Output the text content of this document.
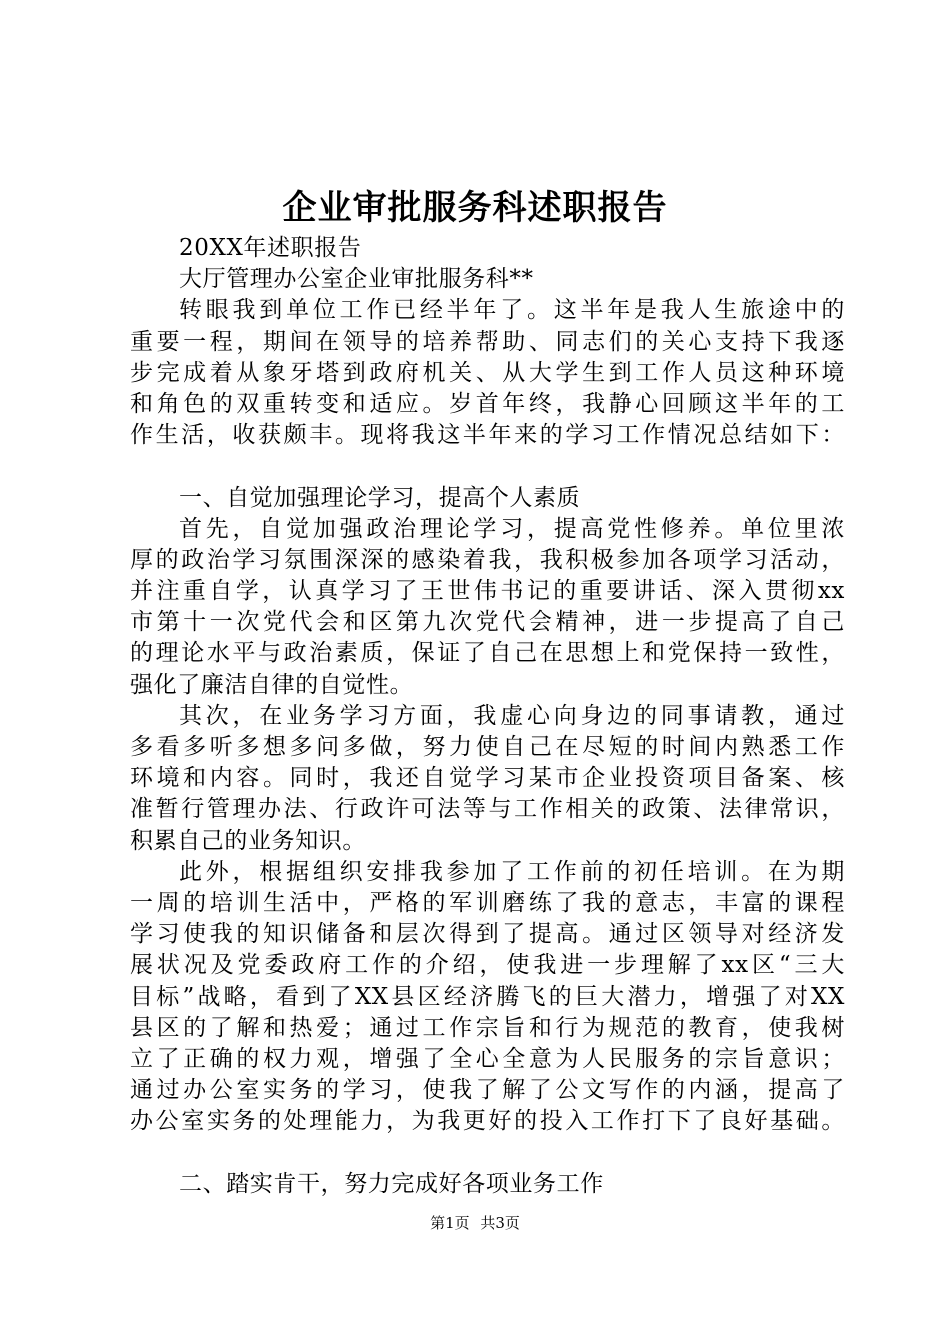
企业审批服务科述职报告
20XX年述职报告
大厅管理办公室企业审批服务科**
转眼我到单位工作已经半年了。这半年是我人生旅途中的
重要一程，期间在领导的培养帮助、同志们的关心支持下我逐
步完成着从象牙塔到政府机关、从大学生到工作人员这种环境
和角色的双重转变和适应。岁首年终，我静心回顾这半年的工
作生活，收获颇丰。现将我这半年来的学习工作情况总结如下：
一、自觉加强理论学习，提高个人素质
首先，自觉加强政治理论学习，提高党性修养。单位里浓
厚的政治学习氛围深深的感染着我，我积极参加各项学习活动，
并注重自学，认真学习了王世伟书记的重要讲话、深入贯彻xx
市第十一次党代会和区第九次党代会精神，进一步提高了自己
的理论水平与政治素质，保证了自己在思想上和党保持一致性，
强化了廉洁自律的自觉性。
其次，在业务学习方面，我虚心向身边的同事请教，通过
多看多听多想多问多做，努力使自己在尽短的时间内熟悉工作
环境和内容。同时，我还自觉学习某市企业投资项目备案、核
准暂行管理办法、行政许可法等与工作相关的政策、法律常识，
积累自己的业务知识。
此外，根据组织安排我参加了工作前的初任培训。在为期
一周的培训生活中，严格的军训磨练了我的意志，丰富的课程
学习使我的知识储备和层次得到了提高。通过区领导对经济发
展状况及党委政府工作的介绍，使我进一步理解了xx区“三大
目标”战略，看到了XX县区经济腾飞的巨大潜力，增强了对XX
县区的了解和热爱；通过工作宗旨和行为规范的教育，使我树
立了正确的权力观，增强了全心全意为人民服务的宗旨意识；
通过办公室实务的学习，使我了解了公文写作的内涵，提高了
办公室实务的处理能力，为我更好的投入工作打下了良好基础。
二、踏实肯干，努力完成好各项业务工作
第1页 共3页
